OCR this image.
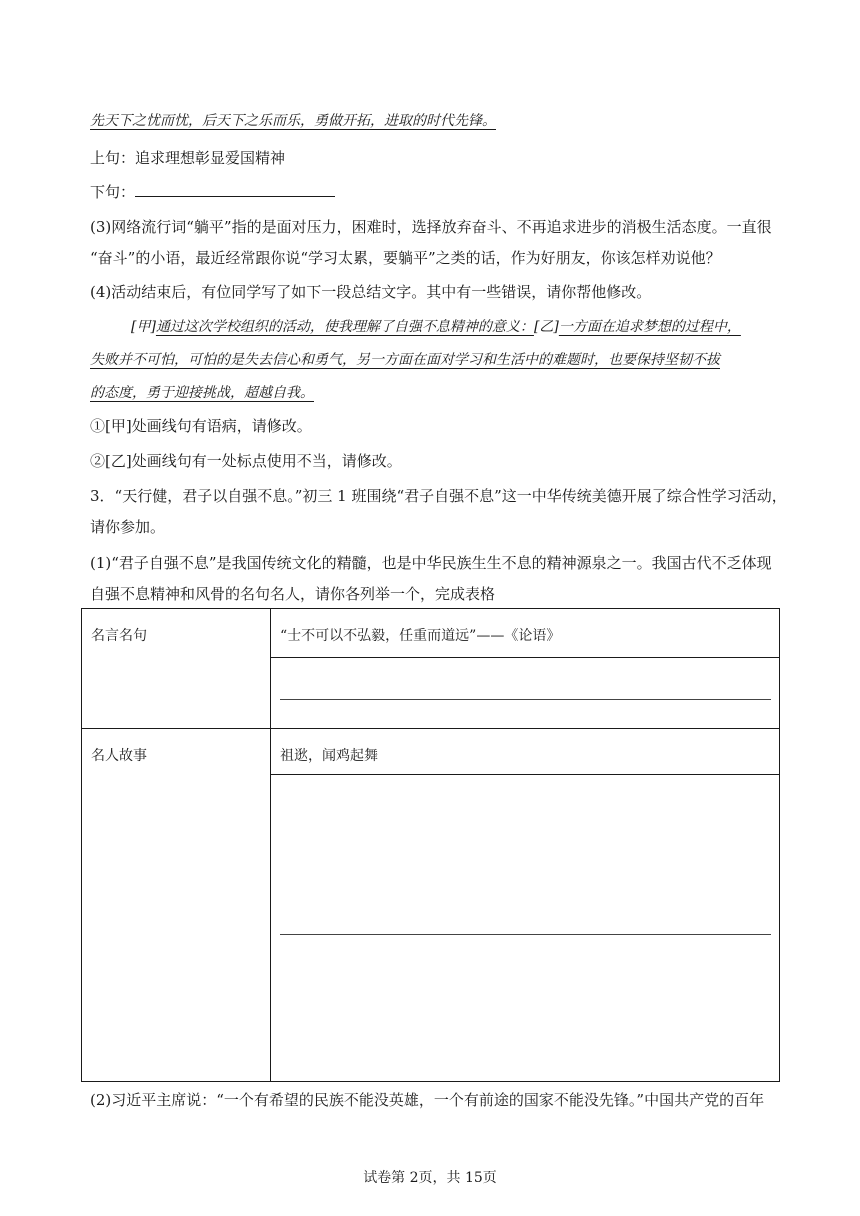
先天下之忧而忧，后天下之乐而乐，勇做开拓，进取的时代先锋。
上句：追求理想彰显爱国精神
下句：
(3)网络流行词“躺平”指的是面对压力，困难时，选择放弃奋斗、不再追求进步的消极生活态度。一直很
“奋斗”的小语，最近经常跟你说“学习太累，要躺平”之类的话，作为好朋友，你该怎样劝说他？
(4)活动结束后，有位同学写了如下一段总结文字。其中有一些错误，请你帮他修改。
[甲]通过这次学校组织的活动，使我理解了自强不息精神的意义：[乙]一方面在追求梦想的过程中，
失败并不可怕，可怕的是失去信心和勇气，另一方面在面对学习和生活中的难题时，也要保持坚韧不拔
的态度，勇于迎接挑战，超越自我。
①[甲]处画线句有语病，请修改。
②[乙]处画线句有一处标点使用不当，请修改。
3．“天行健，君子以自强不息。”初三 1 班围绕“君子自强不息”这一中华传统美德开展了综合性学习活动，
请你参加。
(1)“君子自强不息”是我国传统文化的精髓，也是中华民族生生不息的精神源泉之一。我国古代不乏体现
自强不息精神和风骨的名句名人，请你各列举一个，完成表格
名言名句	“士不可以不弘毅，任重而道远”——《论语》

名人故事	祖逖，闻鸡起舞

(2)习近平主席说：“一个有希望的民族不能没英雄，一个有前途的国家不能没先锋。”中国共产党的百年
试卷第 2页，共 15页
